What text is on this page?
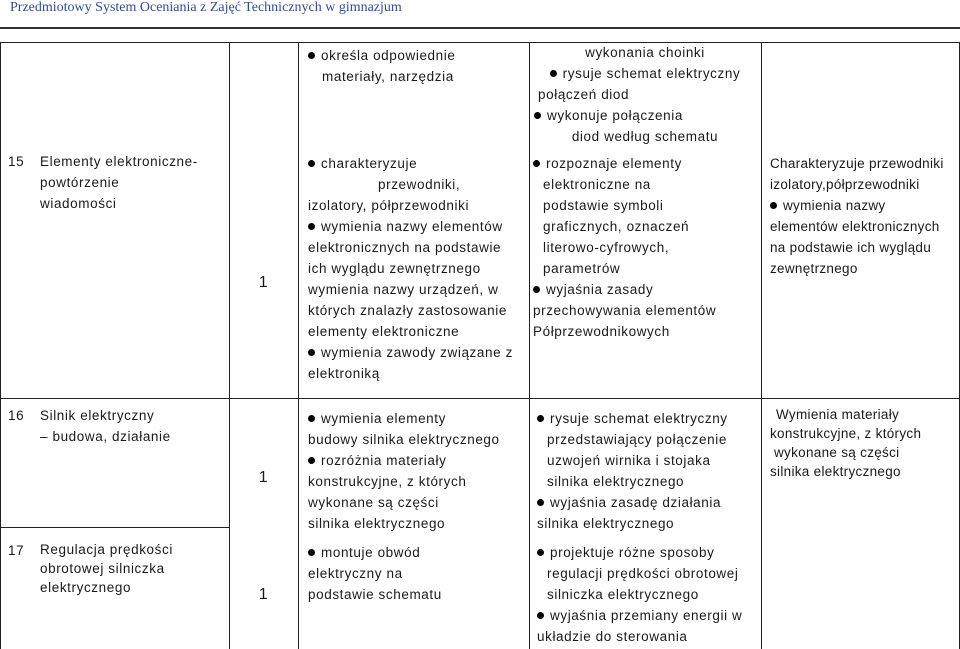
Przedmiotowy System Oceniania z Zajęć Technicznych w gimnazjum
określa odpowiednie
materiały, narzędzia
wykonania choinki
rysuje schemat elektryczny
połączeń diod
wykonuje połączenia
diod według schematu
15 Elementy elektroniczne-
powtórzenie
wiadomości
1
charakteryzuje
przewodniki,
izolatory, półprzewodniki
wymienia nazwy elementów
elektronicznych na podstawie
ich wyglądu zewnętrznego
wymienia nazwy urządzeń, w
których znalazły zastosowanie
elementy elektroniczne
wymienia zawody związane z
elektroniką
rozpoznaje elementy
elektroniczne na
podstawie symboli
graficznych, oznaczeń
literowo-cyfrowych,
parametrów
wyjaśnia zasady
przechowywania elementów
Półprzewodnikowych
Charakteryzuje przewodniki
izolatory,półprzewodniki
wymienia nazwy
elementów elektronicznych
na podstawie ich wyglądu
zewnętrznego
16 Silnik elektryczny
– budowa, działanie
1
wymienia elementy
budowy silnika elektrycznego
rozróżnia materiały
konstrukcyjne, z których
wykonane są części
silnika elektrycznego
rysuje schemat elektryczny
przedstawiający połączenie
uzwojeń wirnika i stojaka
silnika elektrycznego
wyjaśnia zasadę działania
silnika elektrycznego
Wymienia materiały
konstrukcyjne, z których
wykonane są części
silnika elektrycznego
17 Regulacja prędkości
obrotowej silniczka
elektrycznego	1
montuje obwód
elektryczny na
podstawie schematu
projektuje różne sposoby
regulacji prędkości obrotowej
silniczka elektrycznego
wyjaśnia przemiany energii w
układzie do sterowania
